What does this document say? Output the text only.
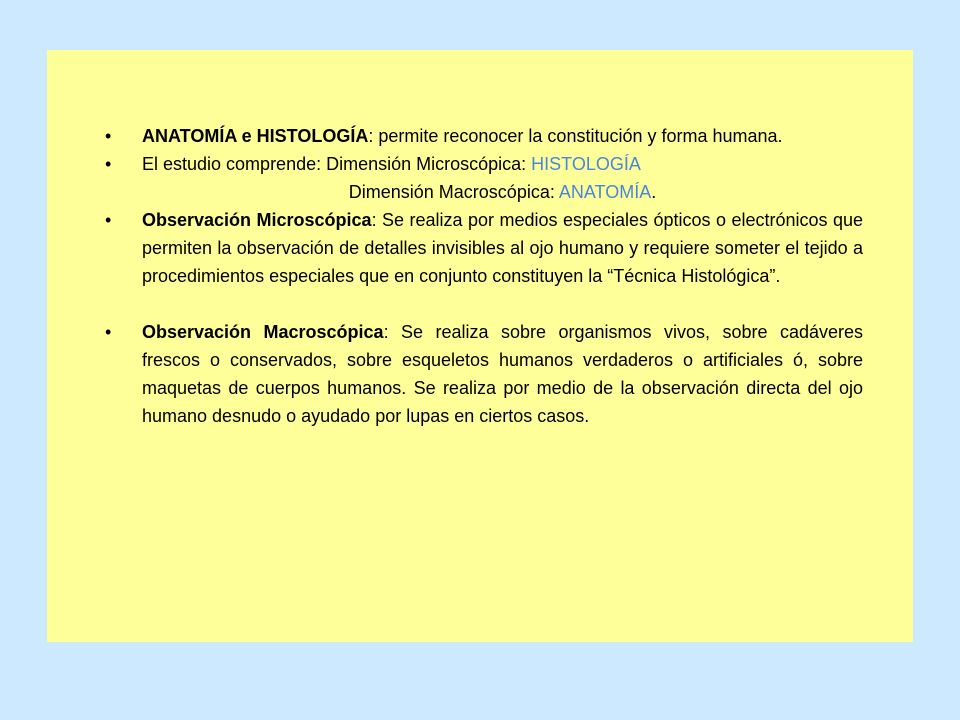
• ANATOMÍA e HISTOLOGÍA: permite reconocer la constitución y forma humana.
• El estudio comprende: Dimensión Microscópica: HISTOLOGÍA
Dimensión Macroscópica: ANATOMÍA.
• Observación Microscópica: Se realiza por medios especiales ópticos o electrónicos que permiten la observación de detalles invisibles al ojo humano y requiere someter el tejido a procedimientos especiales que en conjunto constituyen la “Técnica Histológica”.
• Observación Macroscópica: Se realiza sobre organismos vivos, sobre cadáveres frescos o conservados, sobre esqueletos humanos verdaderos o artificiales ó, sobre maquetas de cuerpos humanos. Se realiza por medio de la observación directa del ojo humano desnudo o ayudado por lupas en ciertos casos.
